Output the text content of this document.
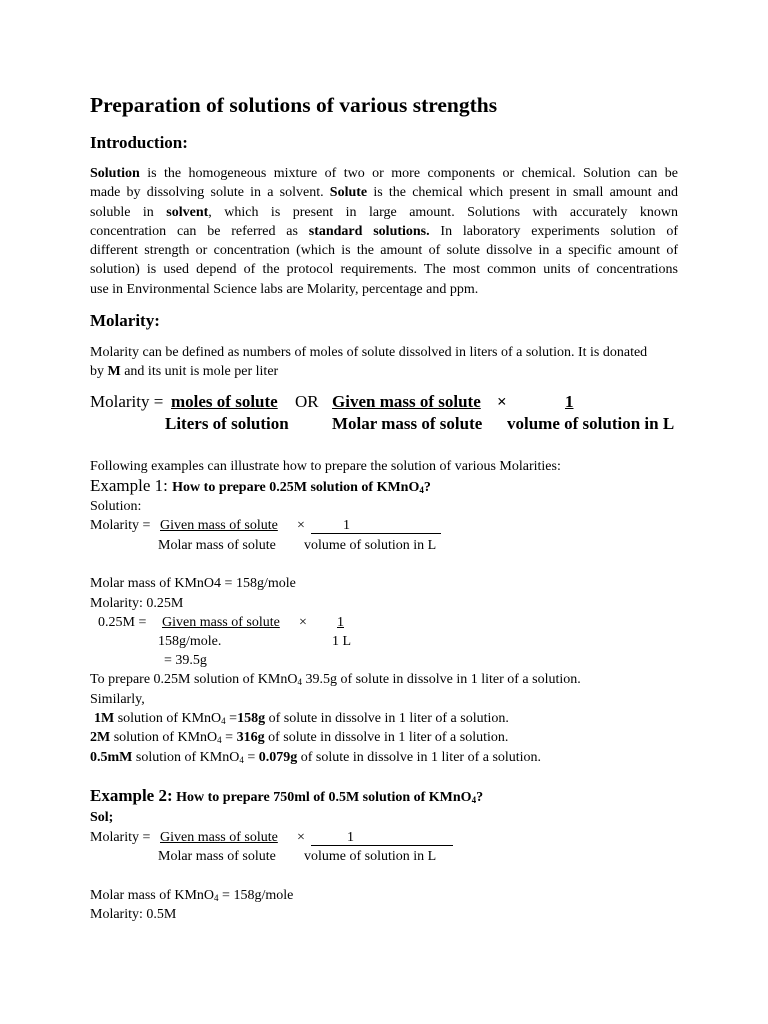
Preparation of solutions of various strengths
Introduction:
Solution is the homogeneous mixture of two or more components or chemical. Solution can be
made by dissolving solute in a solvent. Solute is the chemical which present in small amount and
soluble in solvent, which is present in large amount. Solutions with accurately known
concentration can be referred as standard solutions. In laboratory experiments solution of
different strength or concentration (which is the amount of solute dissolve in a specific amount of
solution) is used depend of the protocol requirements. The most common units of concentrations
use in Environmental Science labs are Molarity, percentage and ppm.
Molarity:
Molarity can be defined as numbers of moles of solute dissolved in liters of a solution. It is donated
by M and its unit is mole per liter
Molarity = moles of solute OR Given mass of solute ×	1
Liters of solution	Molar mass of solute volume of solution in L
Following examples can illustrate how to prepare the solution of various Molarities:
Example 1: How to prepare 0.25M solution of KMnO$_4$?
Solution:
Molarity = Given mass of solute ×	1
Molar mass of solute volume of solution in L
Molar mass of KMnO4 = 158g/mole
Molarity: 0.25M
0.25M = Given mass of solute × 1
158g/mole.	1 L
= 39.5g
To prepare 0.25M solution of KMnO$_4$ 39.5g of solute in dissolve in 1 liter of a solution.
Similarly,
1M solution of KMnO$_4$ =158g of solute in dissolve in 1 liter of a solution.
2M solution of KMnO$_4$ = 316g of solute in dissolve in 1 liter of a solution.
0.5mM solution of KMnO$_4$ = 0.079g of solute in dissolve in 1 liter of a solution.
Example 2: How to prepare 750ml of 0.5M solution of KMnO$_4$?
Sol;
Molarity = Given mass of solute ×	1
Molar mass of solute volume of solution in L
Molar mass of KMnO$_4$ = 158g/mole
Molarity: 0.5M
